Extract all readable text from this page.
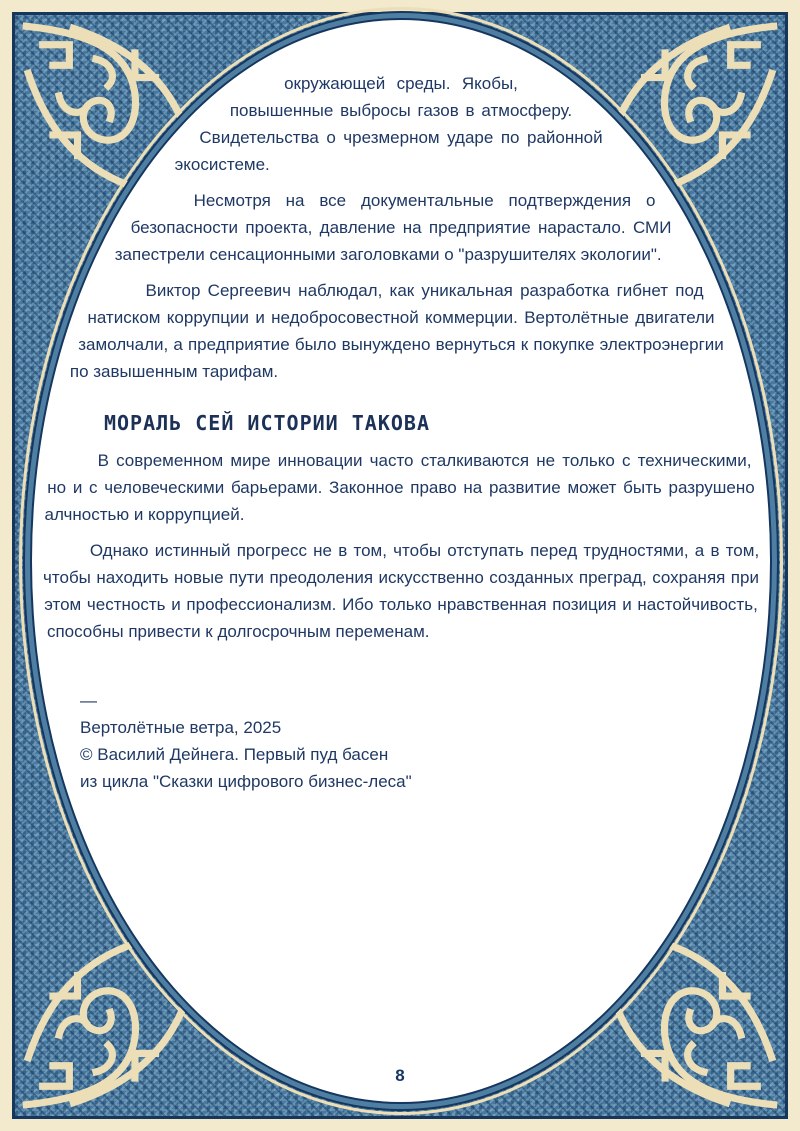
окружающей среды. Якобы, повышенные выбросы газов в атмосферу. Свидетельства о чрезмерном ударе по районной экосистеме.

Несмотря на все документальные подтверждения о безопасности проекта, давление на предприятие нарастало. СМИ запестрели сенсационными заголовками о "разрушителях экологии".

Виктор Сергеевич наблюдал, как уникальная разработка гибнет под натиском коррупции и недобросовестной коммерции. Вертолётные двигатели замолчали, а предприятие было вынуждено вернуться к покупке электроэнергии по завышенным тарифам.

МОРАЛЬ СЕЙ ИСТОРИИ ТАКОВА

В современном мире инновации часто сталкиваются не только с техническими, но и с человеческими барьерами. Законное право на развитие может быть разрушено алчностью и коррупцией.

Однако истинный прогресс не в том, чтобы отступать перед трудностями, а в том, чтобы находить новые пути преодоления искусственно созданных преград, сохраняя при этом честность и профессионализм. Ибо только нравственная позиция и настойчивость, способны привести к долгосрочным переменам.

—
Вертолётные ветра, 2025
© Василий Дейнега. Первый пуд басен
из цикла "Сказки цифрового бизнес-леса"
8
